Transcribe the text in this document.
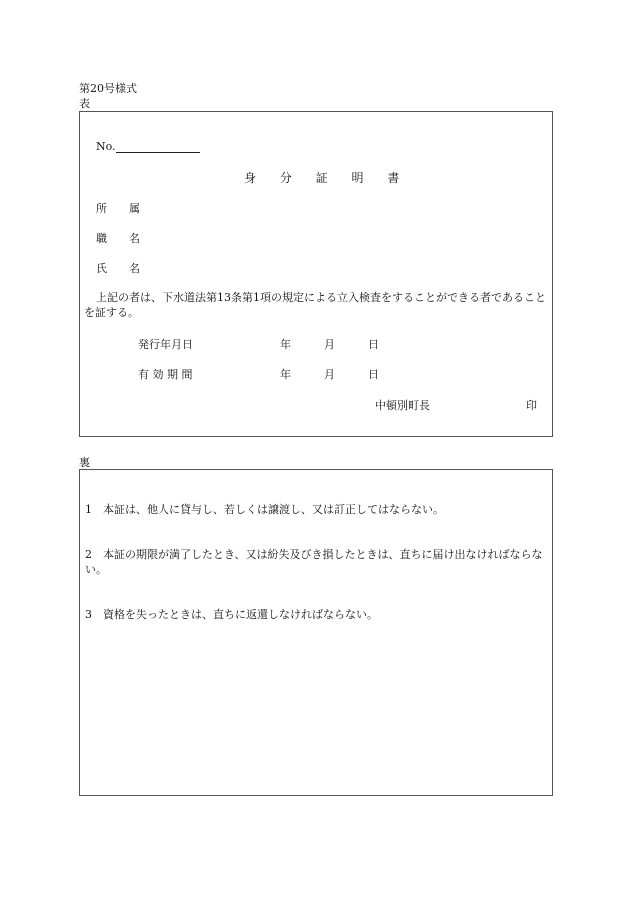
第20号様式
表
No.
身 分 証 明 書
所　　属
職　　名
氏　　名
上記の者は、下水道法第13条第1項の規定による立入検査をすることができる者であることを証する。
発行年月日	年	月	日
有 効 期 間	年	月	日
中頓別町長	印
裏
1　 本証は、他人に貸与し、若しくは譲渡し、又は訂正してはならない。
2　 本証の期限が満了したとき、又は紛失及びき損したときは、直ちに届け出なければならない。
3　 資格を失ったときは、直ちに返還しなければならない。
